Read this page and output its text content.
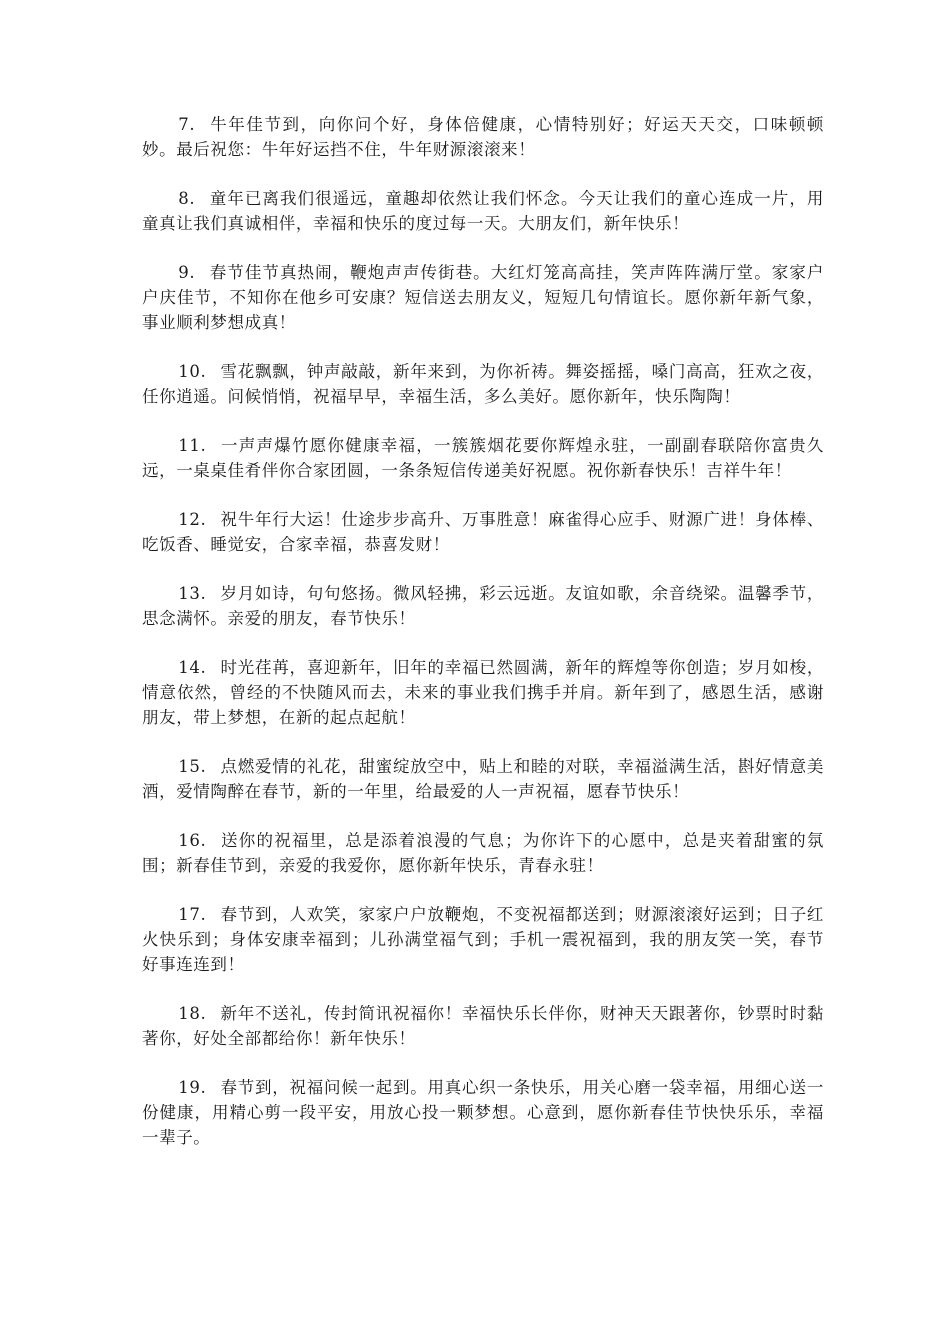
7. 牛年佳节到，向你问个好，身体倍健康，心情特别好；好运天天交，口味顿顿妙。最后祝您：牛年好运挡不住，牛年财源滚滚来！

8. 童年已离我们很遥远，童趣却依然让我们怀念。今天让我们的童心连成一片，用童真让我们真诚相伴，幸福和快乐的度过每一天。大朋友们，新年快乐！

9. 春节佳节真热闹，鞭炮声声传街巷。大红灯笼高高挂，笑声阵阵满厅堂。家家户户庆佳节，不知你在他乡可安康？短信送去朋友义，短短几句情谊长。愿你新年新气象，事业顺利梦想成真！

10. 雪花飘飘，钟声敲敲，新年来到，为你祈祷。舞姿摇摇，嗓门高高，狂欢之夜，任你逍遥。问候悄悄，祝福早早，幸福生活，多么美好。愿你新年，快乐陶陶！

11. 一声声爆竹愿你健康幸福，一簇簇烟花要你辉煌永驻，一副副春联陪你富贵久远，一桌桌佳肴伴你合家团圆，一条条短信传递美好祝愿。祝你新春快乐！吉祥牛年！

12. 祝牛年行大运！仕途步步高升、万事胜意！麻雀得心应手、财源广进！身体棒、吃饭香、睡觉安，合家幸福，恭喜发财！

13. 岁月如诗，句句悠扬。微风轻拂，彩云远逝。友谊如歌，余音绕梁。温馨季节，思念满怀。亲爱的朋友，春节快乐！

14. 时光荏苒，喜迎新年，旧年的幸福已然圆满，新年的辉煌等你创造；岁月如梭，情意依然，曾经的不快随风而去，未来的事业我们携手并肩。新年到了，感恩生活，感谢朋友，带上梦想，在新的起点起航！

15. 点燃爱情的礼花，甜蜜绽放空中，贴上和睦的对联，幸福溢满生活，斟好情意美酒，爱情陶醉在春节，新的一年里，给最爱的人一声祝福，愿春节快乐！

16. 送你的祝福里，总是添着浪漫的气息；为你许下的心愿中，总是夹着甜蜜的氛围；新春佳节到，亲爱的我爱你，愿你新年快乐，青春永驻！

17. 春节到，人欢笑，家家户户放鞭炮，不变祝福都送到；财源滚滚好运到；日子红火快乐到；身体安康幸福到；儿孙满堂福气到；手机一震祝福到，我的朋友笑一笑，春节好事连连到！

18. 新年不送礼，传封简讯祝福你！幸福快乐长伴你，财神天天跟著你，钞票时时黏著你，好处全部都给你！新年快乐！

19. 春节到，祝福问候一起到。用真心织一条快乐，用关心磨一袋幸福，用细心送一份健康，用精心剪一段平安，用放心投一颗梦想。心意到，愿你新春佳节快快乐乐，幸福一辈子。
